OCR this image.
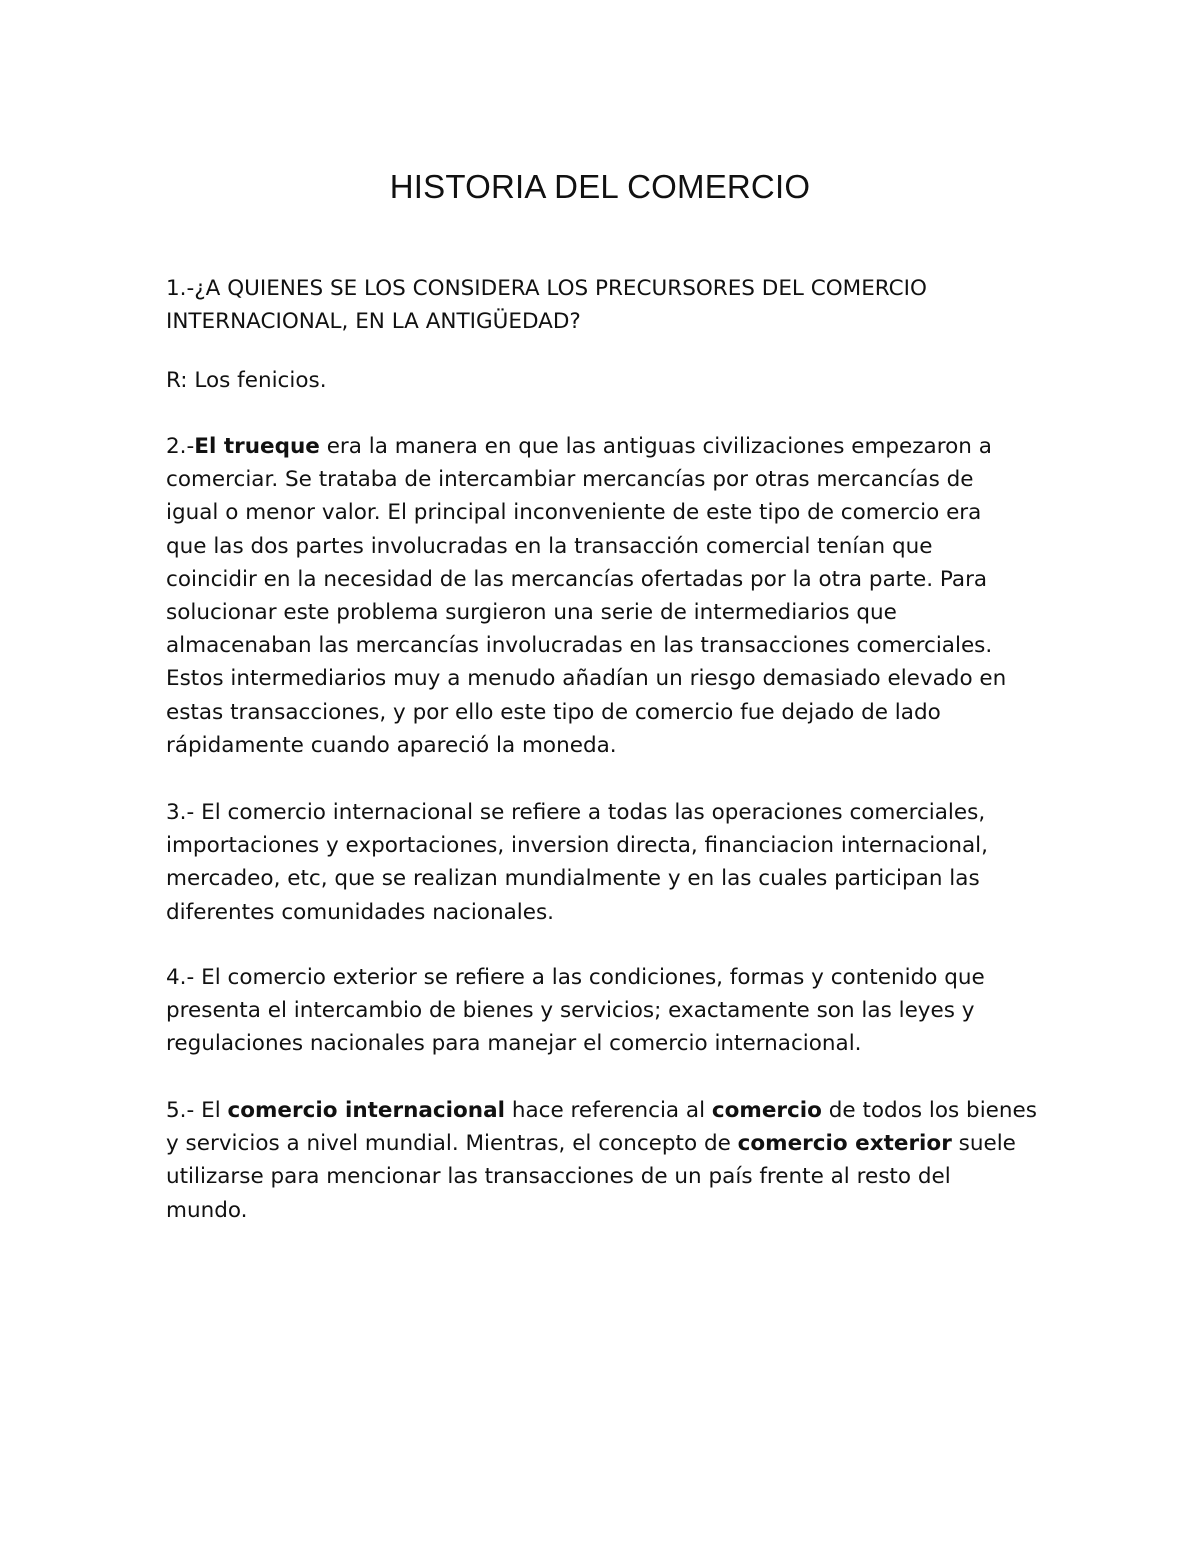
HISTORIA DEL COMERCIO
1.-¿A QUIENES SE LOS CONSIDERA LOS PRECURSORES DEL COMERCIO
INTERNACIONAL, EN LA ANTIGÜEDAD?
R: Los fenicios.
2.-El trueque era la manera en que las antiguas civilizaciones empezaron a
comerciar. Se trataba de intercambiar mercancías por otras mercancías de
igual o menor valor. El principal inconveniente de este tipo de comercio era
que las dos partes involucradas en la transacción comercial tenían que
coincidir en la necesidad de las mercancías ofertadas por la otra parte. Para
solucionar este problema surgieron una serie de intermediarios que
almacenaban las mercancías involucradas en las transacciones comerciales.
Estos intermediarios muy a menudo añadían un riesgo demasiado elevado en
estas transacciones, y por ello este tipo de comercio fue dejado de lado
rápidamente cuando apareció la moneda.
3.- El comercio internacional se refiere a todas las operaciones comerciales,
importaciones y exportaciones, inversion directa, financiacion internacional,
mercadeo, etc, que se realizan mundialmente y en las cuales participan las
diferentes comunidades nacionales.
4.- El comercio exterior se refiere a las condiciones, formas y contenido que
presenta el intercambio de bienes y servicios; exactamente son las leyes y
regulaciones nacionales para manejar el comercio internacional.
5.- El comercio internacional hace referencia al comercio de todos los bienes
y servicios a nivel mundial. Mientras, el concepto de comercio exterior suele
utilizarse para mencionar las transacciones de un país frente al resto del
mundo.
